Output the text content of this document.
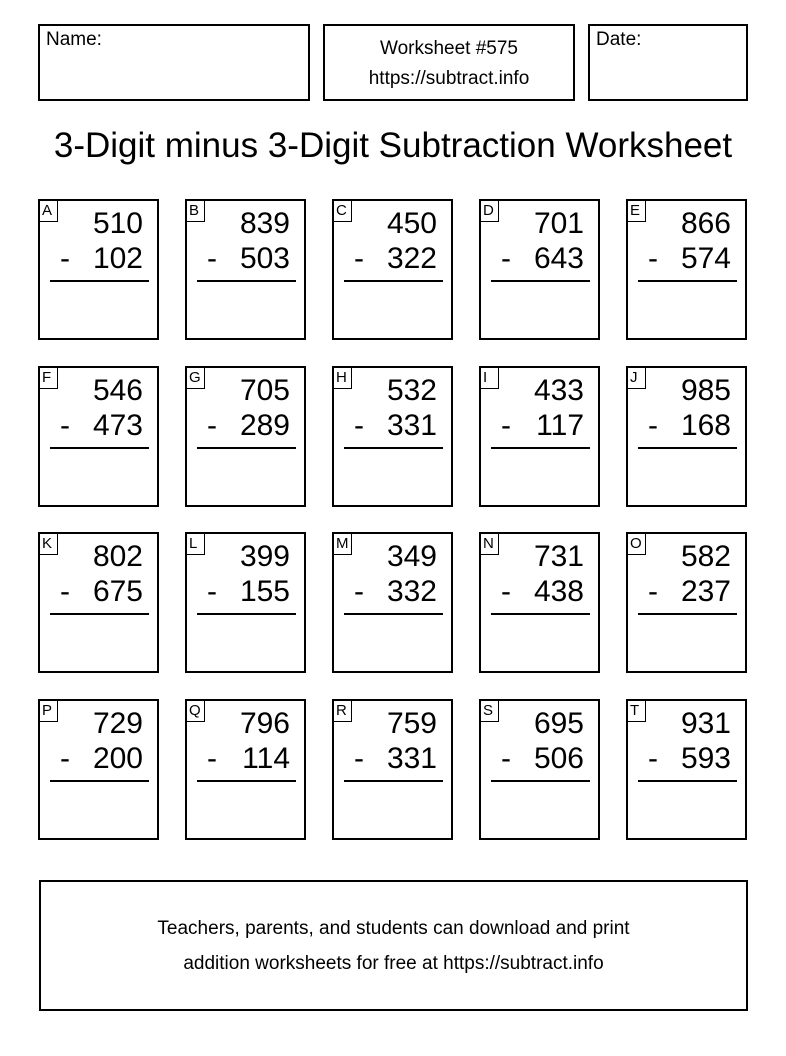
Name:	Worksheet #575
https://subtract.info
Date:
3-Digit minus 3-Digit Subtraction Worksheet
A 510
- 102
B 839
- 503
C 450
- 322
D 701
- 643
E 866
- 574
F 546
- 473
G 705
- 289
H 532
- 331
I	433
- 117
J 985
- 168
K 802
- 675
L 399
- 155
M 349
- 332
N 731
- 438
O 582
- 237
P 729
- 200
Q 796
- 114
R 759
- 331
S 695
- 506
T 931
- 593
Teachers, parents, and students can download and print
addition worksheets for free at https://subtract.info
